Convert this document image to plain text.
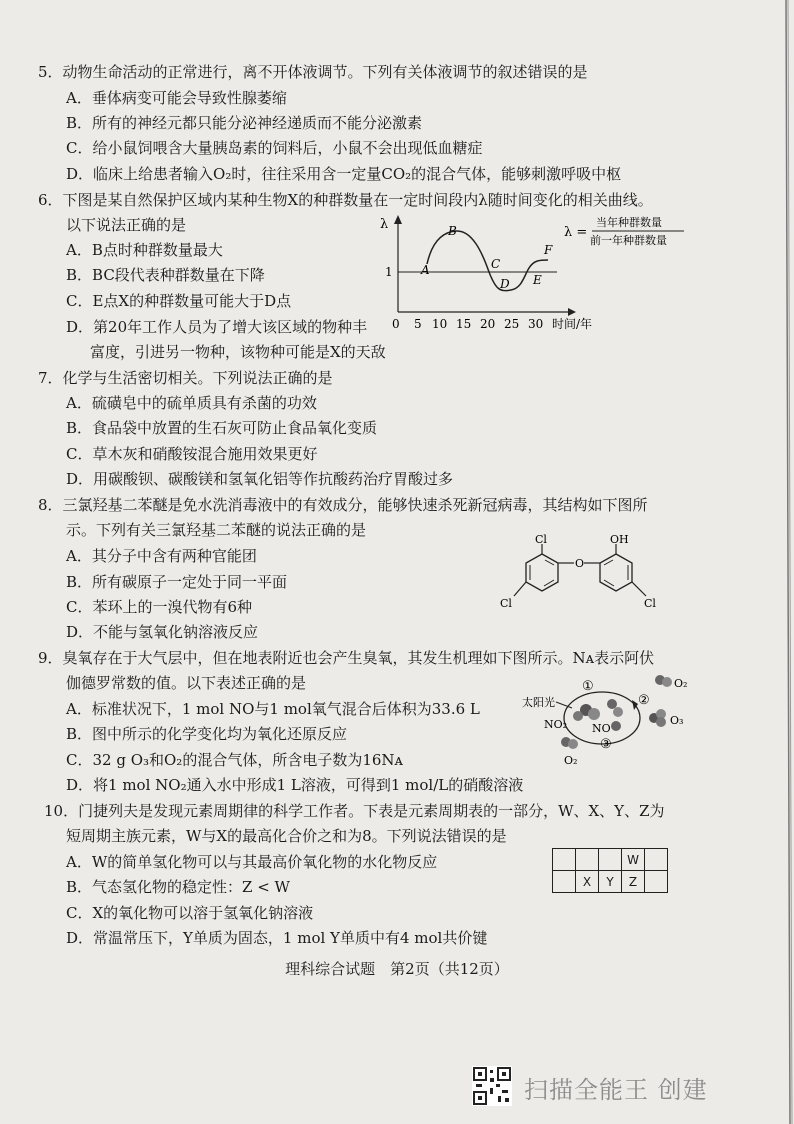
5．动物生命活动的正常进行，离不开体液调节。下列有关体液调节的叙述错误的是
A．垂体病变可能会导致性腺萎缩
B．所有的神经元都只能分泌神经递质而不能分泌激素
C．给小鼠饲喂含大量胰岛素的饲料后，小鼠不会出现低血糖症
D．临床上给患者输入O₂时，往往采用含一定量CO₂的混合气体，能够刺激呼吸中枢
6．下图是某自然保护区域内某种生物X的种群数量在一定时间段内λ随时间变化的相关曲线。
以下说法正确的是
A．B点时种群数量最大
B．BC段代表种群数量在下降
C．E点X的种群数量可能大于D点
D．第20年工作人员为了增大该区域的物种丰
富度，引进另一物种，该物种可能是X的天敌
λ
1
0 5 10 15 20 25 30 时间/年
A
B
C
D E
F
λ =
当年种群数量
前一年种群数量
7．化学与生活密切相关。下列说法正确的是
A．硫磺皂中的硫单质具有杀菌的功效
B．食品袋中放置的生石灰可防止食品氧化变质
C．草木灰和硝酸铵混合施用效果更好
D．用碳酸钡、碳酸镁和氢氧化铝等作抗酸药治疗胃酸过多
8．三氯羟基二苯醚是免水洗消毒液中的有效成分，能够快速杀死新冠病毒，其结构如下图所
示。下列有关三氯羟基二苯醚的说法正确的是
A．其分子中含有两种官能团
B．所有碳原子一定处于同一平面
C．苯环上的一溴代物有6种
D．不能与氢氧化钠溶液反应
Cl
Cl
O
OH
Cl
9．臭氧存在于大气层中，但在地表附近也会产生臭氧，其发生机理如下图所示。Nᴀ表示阿伏
伽德罗常数的值。以下表述正确的是
A．标准状况下，1 mol NO与1 mol氧气混合后体积为33.6 L
B．图中所示的化学变化均为氧化还原反应
C．32 g O₃和O₂的混合气体，所含电子数为16Nᴀ
D．将1 mol NO₂通入水中形成1 L溶液，可得到1 mol/L的硝酸溶液
太阳光
①
②
③
NO₂ NO
O₂
O₃
O₂
10．门捷列夫是发现元素周期律的科学工作者。下表是元素周期表的一部分，W、X、Y、Z为
短周期主族元素，W与X的最高化合价之和为8。下列说法错误的是
A．W的简单氢化物可以与其最高价氧化物的水化物反应
B．气态氢化物的稳定性：Z < W
C．X的氧化物可以溶于氢氧化钠溶液
D．常温常压下，Y单质为固态，1 mol Y单质中有4 mol共价键
			W	
	X	Y	Z	
理科综合试题　第2页（共12页）
扫描全能王 创建
